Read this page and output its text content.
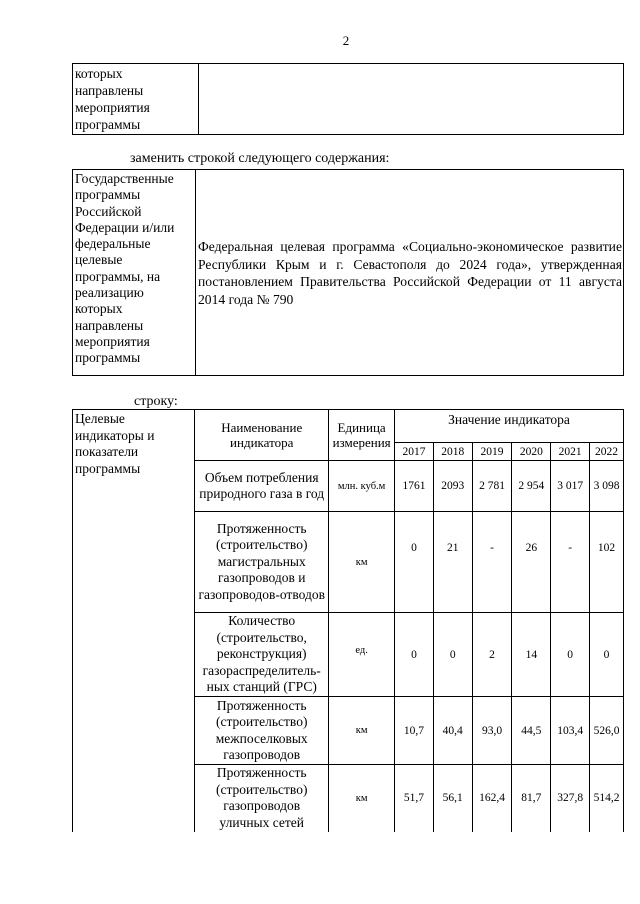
2
которых
направлены
мероприятия
программы

заменить строкой следующего содержания:
Государственные
программы
Российской
Федерации и/или
федеральные
целевые
программы, на
реализацию
которых
направлены
мероприятия
программы

Федеральная целевая программа «Социально-экономическое развитие Республики Крым и г. Севастополя до 2024 года», утвержденная постановлением Правительства Российской Федерации от 11 августа 2014 года № 790
строку:
Целевые
индикаторы и
показатели
программы	Наименование индикатора	Единица измерения	Значение индикатора					
			2017	2018	2019	2020	2021	2022
	Объем потребления природного газа в год	млн. куб.м	1761	2093	2 781	2 954	3 017	3 098
	Протяженность (строительство) магистральных газопроводов и газопроводов-отводов	км	0	21	-	26	-	102
	Количество (строительство, реконструкция) газораспределитель-ных станций (ГРС)	ед.	0	0	2	14	0	0
	Протяженность (строительство) межпоселковых газопроводов	км	10,7	40,4	93,0	44,5	103,4	526,0
	Протяженность (строительство) газопроводов уличных сетей	км	51,7	56,1	162,4	81,7	327,8	514,2
